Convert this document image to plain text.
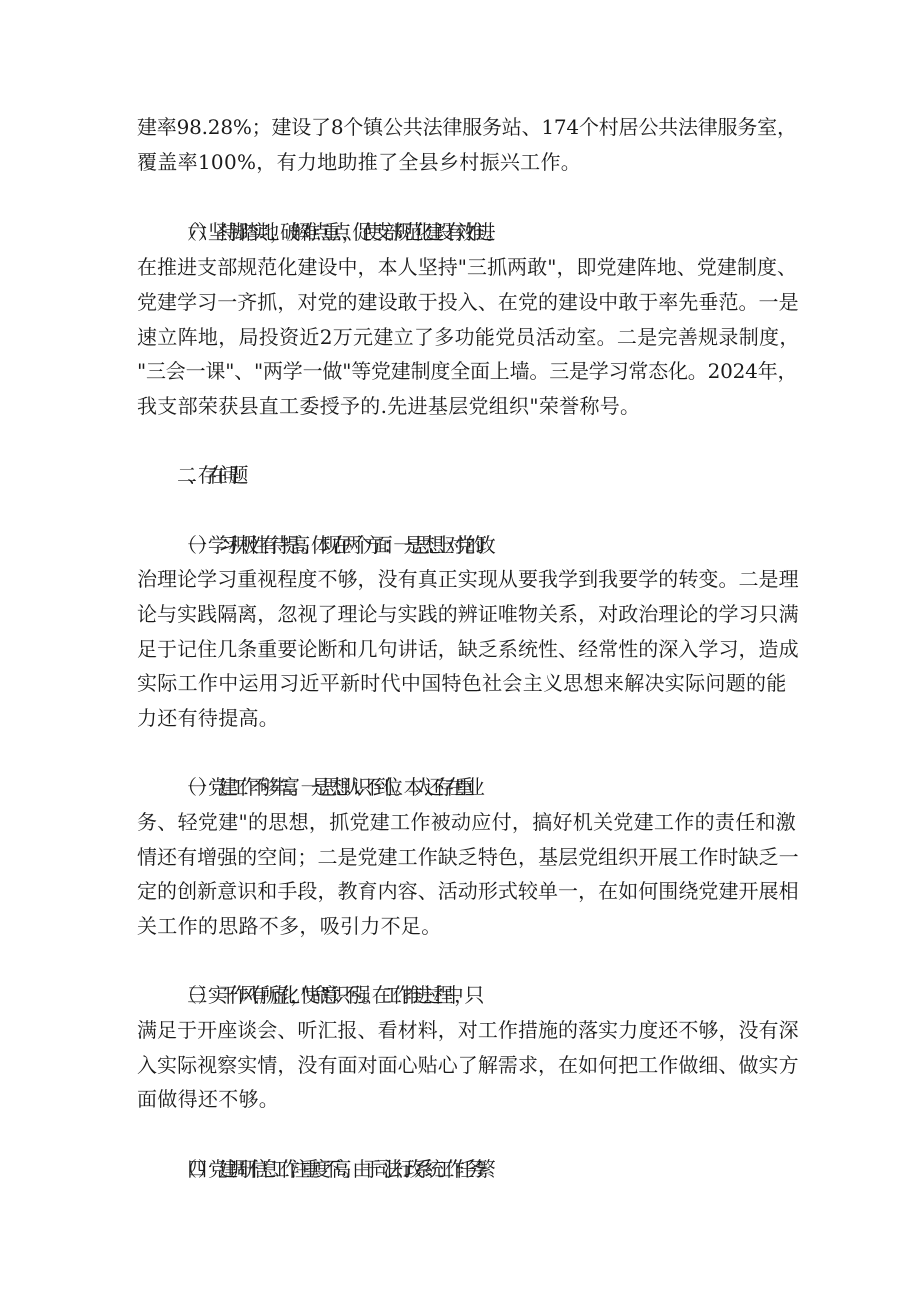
建率98.28%；建设了8个镇公共法律服务站、174个村居公共法律服务室，
覆盖率100%，有力地助推了全县乡村振兴工作。
（六）坚持脚踏实地，破解难点重点，促使支部规范化建设有效推进。
在推进支部规范化建设中，本人坚持"三抓两敢"，即党建阵地、党建制度、
党建学习一齐抓，对党的建设敢于投入、在党的建设中敢于率先垂范。一是
速立阵地，局投资近2万元建立了多功能党员活动室。二是完善规录制度，
"三会一课"、"两学一做"等党建制度全面上墙。三是学习常态化。2024年，
我支部荣获县直工委授予的.先进基层党组织"荣誉称号。
二、存在问题
（一）学习积极性有待提高。体现在两个方面：一是思想上对党的政
治理论学习重视程度不够，没有真正实现从要我学到我要学的转变。二是理
论与实践隔离，忽视了理论与实践的辨证唯物关系，对政治理论的学习只满
足于记住几条重要论断和几句讲话，缺乏系统性、经常性的深入学习，造成
实际工作中运用习近平新时代中国特色社会主义思想来解决实际问题的能
力还有待提高。
（一）党建工作不够丰富。一是思想认识不到位。本人还存在"重业
务、轻党建"的思想，抓党建工作被动应付，搞好机关党建工作的责任和激
情还有增强的空间；二是党建工作缺乏特色，基层党组织开展工作时缺乏一
定的创新意识和手段，教育内容、活动形式较单一，在如何围绕党建开展相
关工作的思路不多，吸引力不足。
（三）实干作风有所虚化，"使命"意识不强。在工作推进过程中，只
满足于开座谈会、听汇报、看材料，对工作措施的落实力度还不够，没有深
入实际视察实情，没有面对面心贴心了解需求，在如何把工作做细、做实方
面做得还不够。
（四）党建调研信息工作注重度不高。由于司法行政系统工作任务繁
